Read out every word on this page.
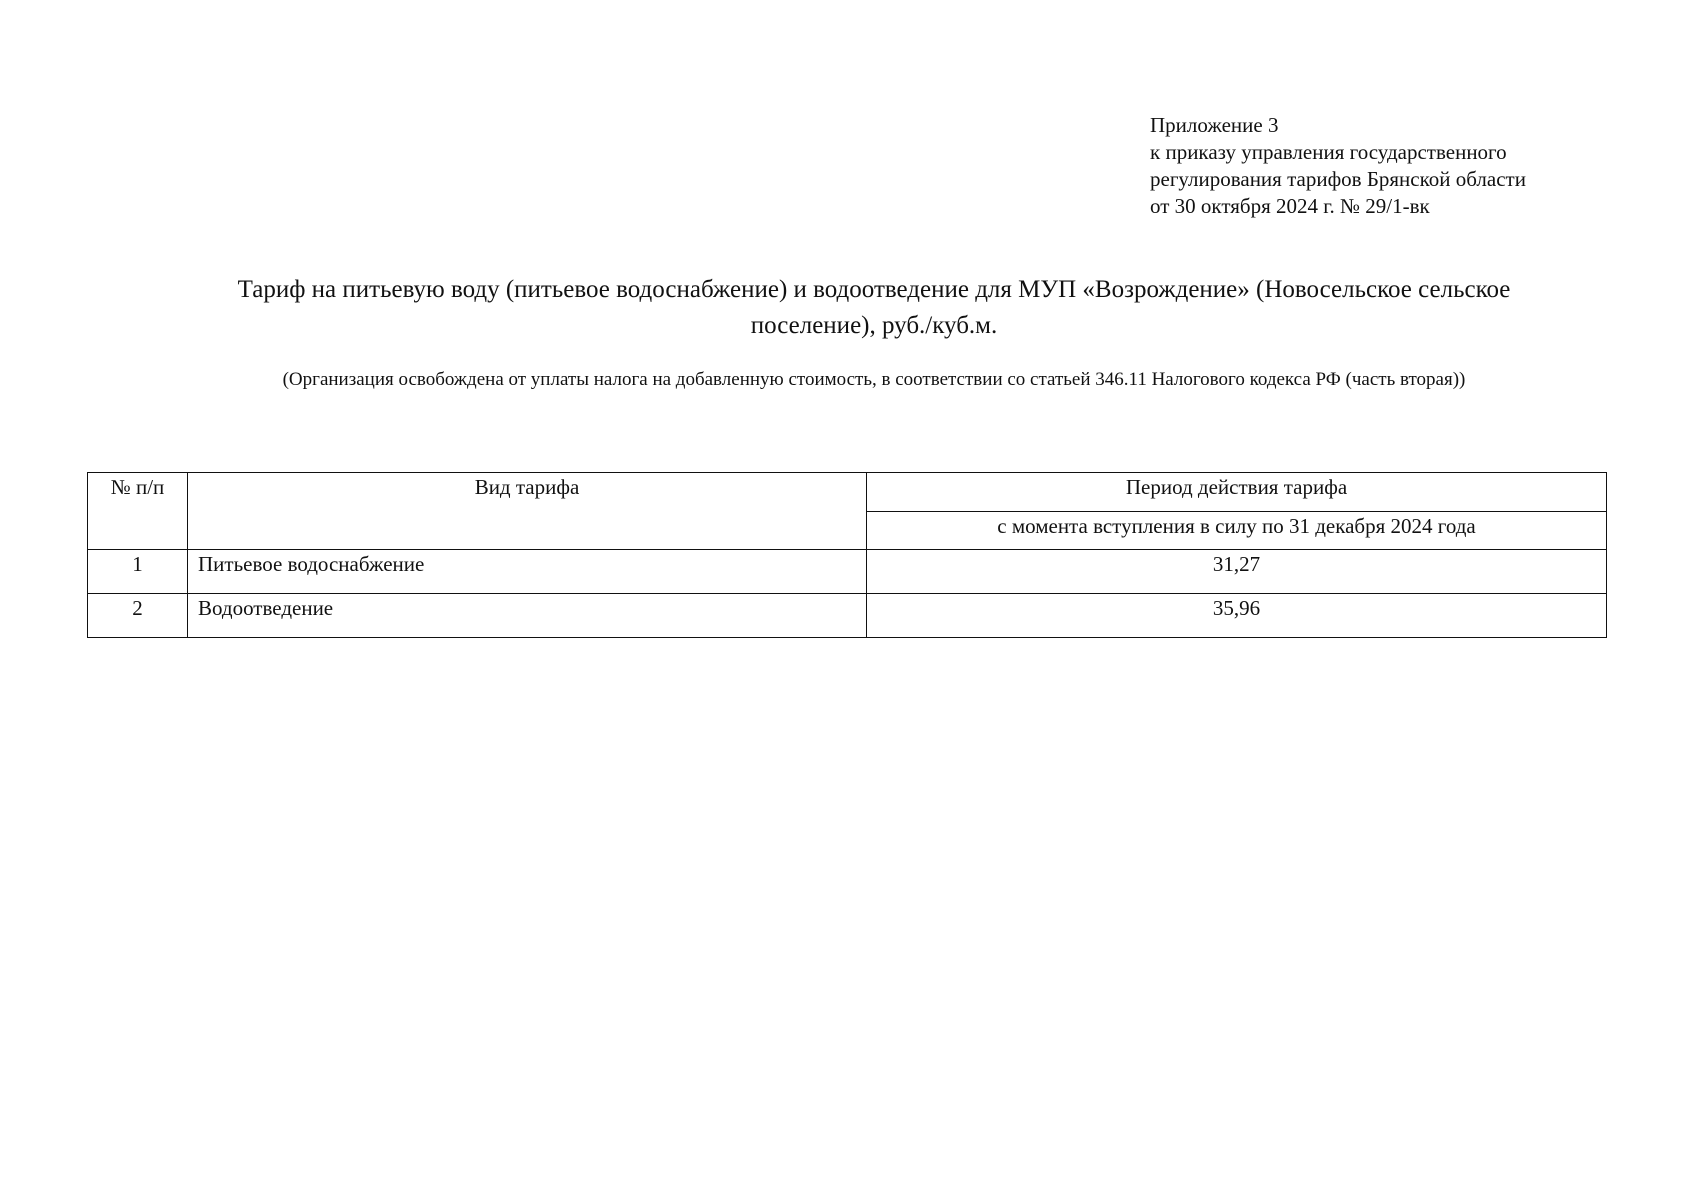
Приложение 3
к приказу управления государственного
регулирования тарифов Брянской области
от 30 октября 2024 г. № 29/1-вк
Тариф на питьевую воду (питьевое водоснабжение) и водоотведение для МУП «Возрождение» (Новосельское сельское
поселение), руб./куб.м.
(Организация освобождена от уплаты налога на добавленную стоимость, в соответствии со статьей 346.11 Налогового кодекса РФ (часть вторая))
№ п/п	Вид тарифа	Период действия тарифа
		с момента вступления в силу по 31 декабря 2024 года
1	Питьевое водоснабжение	31,27
2	Водоотведение	35,96
